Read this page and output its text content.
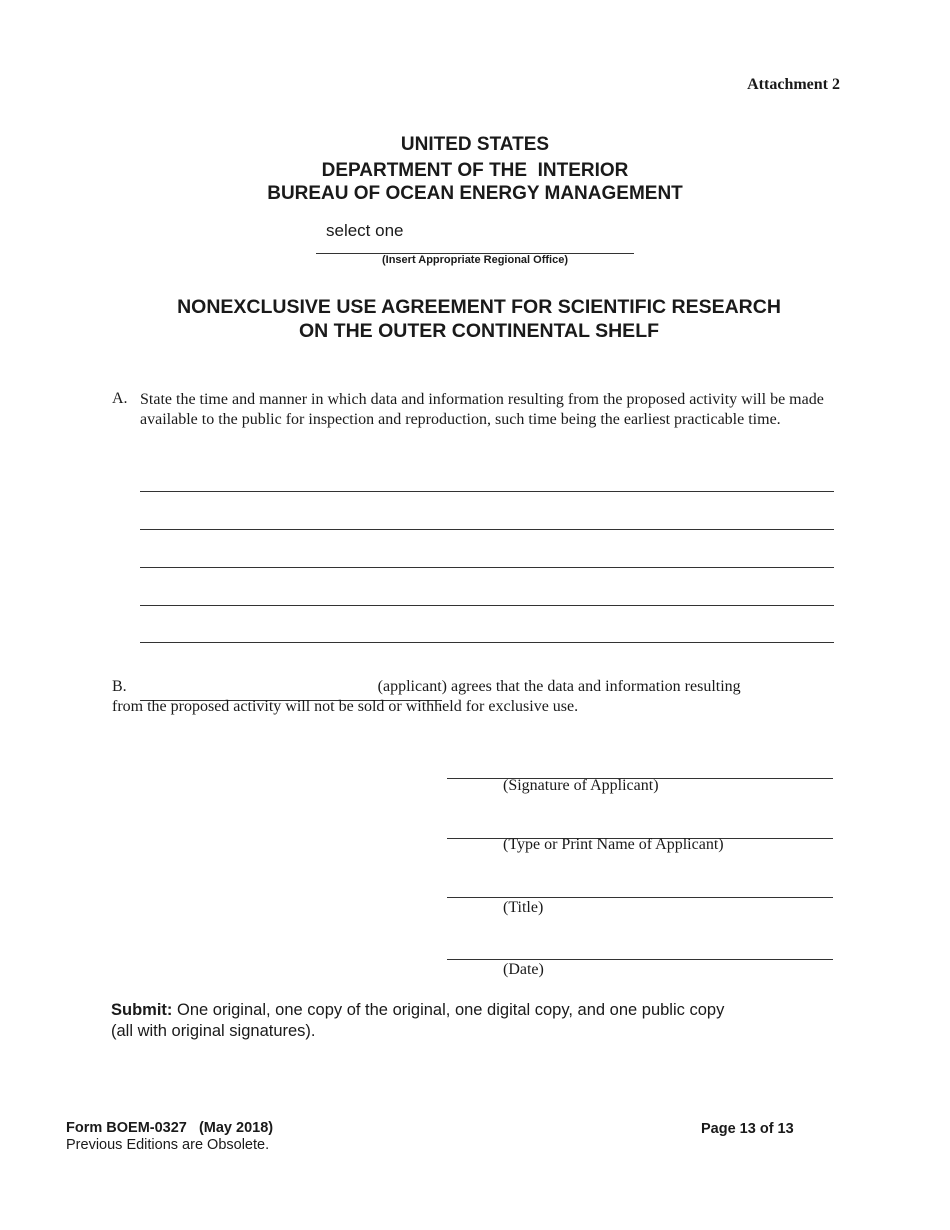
Attachment 2
UNITED STATES
DEPARTMENT OF THE  INTERIOR
BUREAU OF OCEAN ENERGY MANAGEMENT
select one
(Insert Appropriate Regional Office)
NONEXCLUSIVE USE AGREEMENT FOR SCIENTIFIC RESEARCH
ON THE OUTER CONTINENTAL SHELF
A. State the time and manner in which data and information resulting from the proposed activity will be made available to the public for inspection and reproduction, such time being the earliest practicable time.
B.	(applicant) agrees that the data and information resulting
from the proposed activity will not be sold or withheld for exclusive use.
(Signature of Applicant)
(Type or Print Name of Applicant)
(Title)
(Date)
Submit: One original, one copy of the original, one digital copy, and one public copy
(all with original signatures).
Form BOEM-0327   (May 2018)
Previous Editions are Obsolete.
Page 13 of 13
